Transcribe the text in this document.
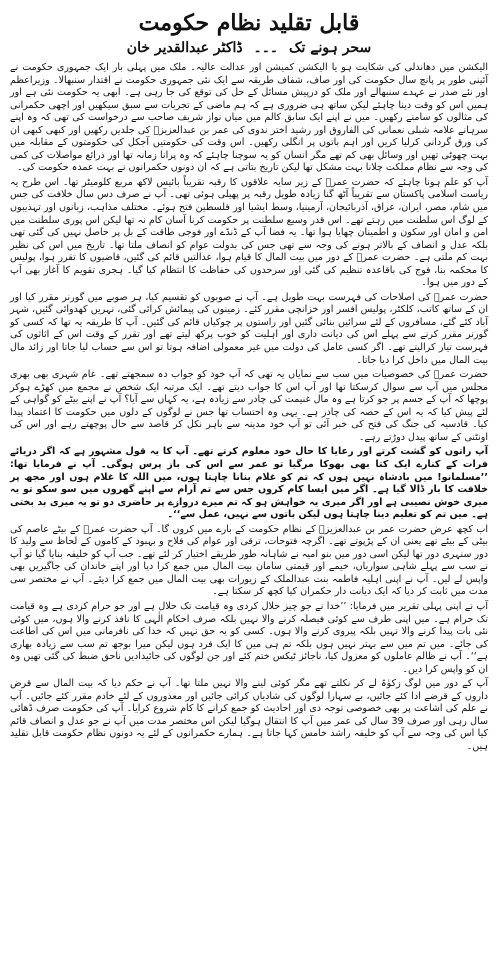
قابل تقلید نظام حکومت
سحر ہونے تک ۔۔۔ ڈاکٹر عبدالقدیر خان

الیکشن میں دھاندلی کی شکایت ہو یا الیکشن کمیشن اور عدالت عالیہ۔ ملک میں پہلی بار ایک جمہوری حکومت نے آئینی طور پر پانچ سال حکومت کی اور صاف، شفاف طریقہ سے ایک نئی جمہوری حکومت نے اقتدار سنبھالا۔ وزیراعظم اور نئے صدر نے عہدے سنبھالے اور ملک کو درپیش مسائل کے حل کی توقع کی جا رہی ہے۔ ابھی یہ حکومت نئی ہے اور ہمیں اس کو وقت دینا چاہئے لیکن ساتھ ہی ضروری ہے کہ ہم ماضی کے تجربات سے سبق سیکھیں اور اچھی حکمرانی کی مثالوں کو سامنے رکھیں۔ میں نے اپنے ایک سابق کالم میں میاں نواز شریف صاحب سے درخواست کی تھی کہ وہ اپنے سرہانے علامہ شبلی نعمانی کی الفاروق اور رشید اختر ندوی کی عمر بن عبدالعزیزؒ کی جلدیں رکھیں اور کبھی کبھی ان کی ورق گردانی کرلیا کریں اور اہم باتوں پر انگلی رکھیں۔ اس وقت کی حکومتیں آجکل کی حکومتوں کے مقابلہ میں بہت چھوٹی تھیں اور وسائل بھی کم تھے مگر انسان کو یہ سوچنا چاہئے کہ وہ پرانا زمانہ تھا اور ذرائع مواصلات کی کمی کی وجہ سے نظام مملکت چلانا بہت مشکل تھا لیکن تاریخ بتاتی ہے کہ ان دونوں حکمرانوں نے بہت عمدہ حکومت کی۔

آپ کو علم ہونا چاہئے کہ حضرت عمرؓ کے زیر سایہ علاقوں کا رقبہ تقریباً بائیس لاکھ مربع کلومیٹر تھا۔ اس طرح یہ ریاست اسلامی پاکستان سے تقریباً آٹھ گنا زیادہ طویل رقبہ پر پھیلی ہوئی تھی۔ آپ نے صرف دس سال خلافت کی جس میں شام، مصر، ایران، عراق، آذربائیجان، آرمینیا، وسط ایشیا اور فلسطین فتح ہوئے۔ مختلف مذاہب، زبانوں اور تہذیبوں کے لوگ اس سلطنت میں رہتے تھے۔ اس قدر وسیع سلطنت پر حکومت کرنا آسان کام نہ تھا لیکن اس پوری سلطنت میں امن و امان اور سکون و اطمینان چھایا ہوا تھا۔ یہ فضا آپ کے ڈنڈے اور فوجی طاقت کے بل پر حاصل نہیں کی گئی تھی بلکہ عدل و انصاف کے بالاتر ہونے کی وجہ سے تھی جس کی بدولت عوام کو انصاف ملتا تھا۔ تاریخ میں اس کی نظیر بہت کم ملتی ہے۔ حضرت عمرؓ کے دور میں بیت المال کا قیام ہوا، عدالتیں قائم کی گئیں، قاضیوں کا تقرر ہوا، پولیس کا محکمہ بنا، فوج کی باقاعدہ تنظیم کی گئی اور سرحدوں کی حفاظت کا انتظام کیا گیا۔ ہجری تقویم کا آغاز بھی آپ کے دور میں ہوا۔

حضرت عمرؓ کی اصلاحات کی فہرست بہت طویل ہے۔ آپ نے صوبوں کو تقسیم کیا، ہر صوبے میں گورنر مقرر کیا اور ان کے ساتھ کاتب، کلکٹر، پولیس افسر اور خزانچی مقرر کئے۔ زمینوں کی پیمائش کرائی گئی، نہریں کھدوائی گئیں، شہر آباد کئے گئے، مسافروں کے لئے سرائیں بنائی گئیں اور راستوں پر چوکیاں قائم کی گئیں۔ آپ کا طریقہ یہ تھا کہ کسی کو گورنر مقرر کرنے سے پہلے اس کی دیانت داری اور اہلیت کو خوب پرکھ لیتے تھے اور تقرر کے وقت اس کے اثاثوں کی فہرست تیار کرالیتے تھے۔ اگر کسی عامل کی دولت میں غیر معمولی اضافہ ہوتا تو اس سے حساب لیا جاتا اور زائد مال بیت المال میں داخل کرا دیا جاتا۔

حضرت عمرؓ کی خصوصیات میں سب سے نمایاں یہ تھی کہ آپ خود کو جواب دہ سمجھتے تھے۔ عام شہری بھی بھری مجلس میں آپ سے سوال کرسکتا تھا اور آپ اس کا جواب دیتے تھے۔ ایک مرتبہ ایک شخص نے مجمع میں کھڑے ہوکر پوچھا کہ آپ کے جسم پر جو کرتا ہے وہ مال غنیمت کی چادر سے زیادہ ہے، یہ کہاں سے آیا؟ آپ نے اپنے بیٹے کو گواہی کے لئے پیش کیا کہ یہ اس کے حصہ کی چادر ہے۔ یہی وہ احتساب تھا جس نے لوگوں کے دلوں میں حکومت کا اعتماد پیدا کیا۔ قادسیہ کی جنگ کی فتح کی خبر آئی تو آپ خود مدینہ سے باہر نکل کر قاصد سے حال پوچھتے رہے اور اس کی اونٹنی کے ساتھ پیدل دوڑتے رہے۔

آپ راتوں کو گشت کرتے اور رعایا کا حال خود معلوم کرتے تھے۔ آپ کا یہ قول مشہور ہے کہ اگر دریائے فرات کے کنارے ایک کتا بھی بھوکا مرگیا تو عمر سے اس کی باز پرس ہوگی۔ آپ نے فرمایا تھا: ’’مسلمانو! میں بادشاہ نہیں ہوں کہ تم کو غلام بنانا چاہتا ہوں، میں اللہ کا غلام ہوں اور مجھ پر خلافت کا بار ڈالا گیا ہے۔ اگر میں ایسا کام کروں جس سے تم آرام سے اپنے گھروں میں سو سکو تو یہ میری خوش نصیبی ہے اور اگر میری یہ خواہش ہو کہ تم میرے دروازے پر حاضری دو تو یہ میری بد بختی ہے۔ میں تم کو تعلیم دینا چاہتا ہوں لیکن باتوں سے نہیں، عمل سے‘‘۔

اب کچھ عرض حضرت عمر بن عبدالعزیزؒ کے نظام حکومت کے بارے میں کروں گا۔ آپ حضرت عمرؓ کے بیٹے عاصم کی بیٹی کے بیٹے تھے یعنی ان کے پڑپوتے تھے۔ اگرچہ فتوحات، ترقی اور عوام کی فلاح و بہبود کے کاموں کے لحاظ سے ولید کا دور سنہری دور تھا لیکن اسی دور میں بنو امیہ نے شاہانہ طور طریقے اختیار کر لئے تھے۔ جب آپ کو خلیفہ بنایا گیا تو آپ نے سب سے پہلے شاہی سواریاں، خیمے اور قیمتی سامان بیت المال میں جمع کرا دیا اور اپنے خاندان کی جاگیریں بھی واپس لے لیں۔ آپ نے اپنی اہلیہ فاطمہ بنت عبدالملک کے زیورات بھی بیت المال میں جمع کرا دیئے۔ آپ نے مختصر سی مدت میں ثابت کر دیا کہ ایک دیانت دار حکمران کیا کچھ کر سکتا ہے۔

آپ نے اپنی پہلی تقریر میں فرمایا: ’’خدا نے جو چیز حلال کردی وہ قیامت تک حلال ہے اور جو حرام کردی ہے وہ قیامت تک حرام ہے۔ میں اپنی طرف سے کوئی فیصلہ کرنے والا نہیں بلکہ صرف احکام الٰہی کا نافذ کرنے والا ہوں، میں کوئی نئی بات پیدا کرنے والا نہیں بلکہ پیروی کرنے والا ہوں۔ کسی کو یہ حق نہیں کہ خدا کی نافرمانی میں اس کی اطاعت کی جائے۔ میں تم میں سے بہتر نہیں ہوں بلکہ تم ہی میں کا ایک فرد ہوں لیکن میرا بوجھ تم سب سے زیادہ بھاری ہے‘‘۔ آپ نے ظالم عاملوں کو معزول کیا، ناجائز ٹیکس ختم کئے اور جن لوگوں کی جائیدادیں ناحق ضبط کی گئی تھیں وہ ان کو واپس کرا دیں۔

آپ کے دور میں لوگ زکوٰۃ لے کر نکلتے تھے مگر کوئی لینے والا نہیں ملتا تھا۔ آپ نے حکم دیا کہ بیت المال سے قرض داروں کے قرضے ادا کئے جائیں، بے سہارا لوگوں کی شادیاں کرائی جائیں اور معذوروں کے لئے خادم مقرر کئے جائیں۔ آپ نے علم کی اشاعت پر بھی خصوصی توجہ دی اور احادیث کو جمع کرانے کا کام شروع کرایا۔ آپ کی حکومت صرف ڈھائی سال رہی اور صرف 39 سال کی عمر میں آپ کا انتقال ہوگیا لیکن اس مختصر مدت میں آپ نے جو عدل و انصاف قائم کیا اس کی وجہ سے آپ کو خلیفہ راشد خامس کہا جاتا ہے۔ ہمارے حکمرانوں کے لئے یہ دونوں نظام حکومت قابل تقلید ہیں۔
